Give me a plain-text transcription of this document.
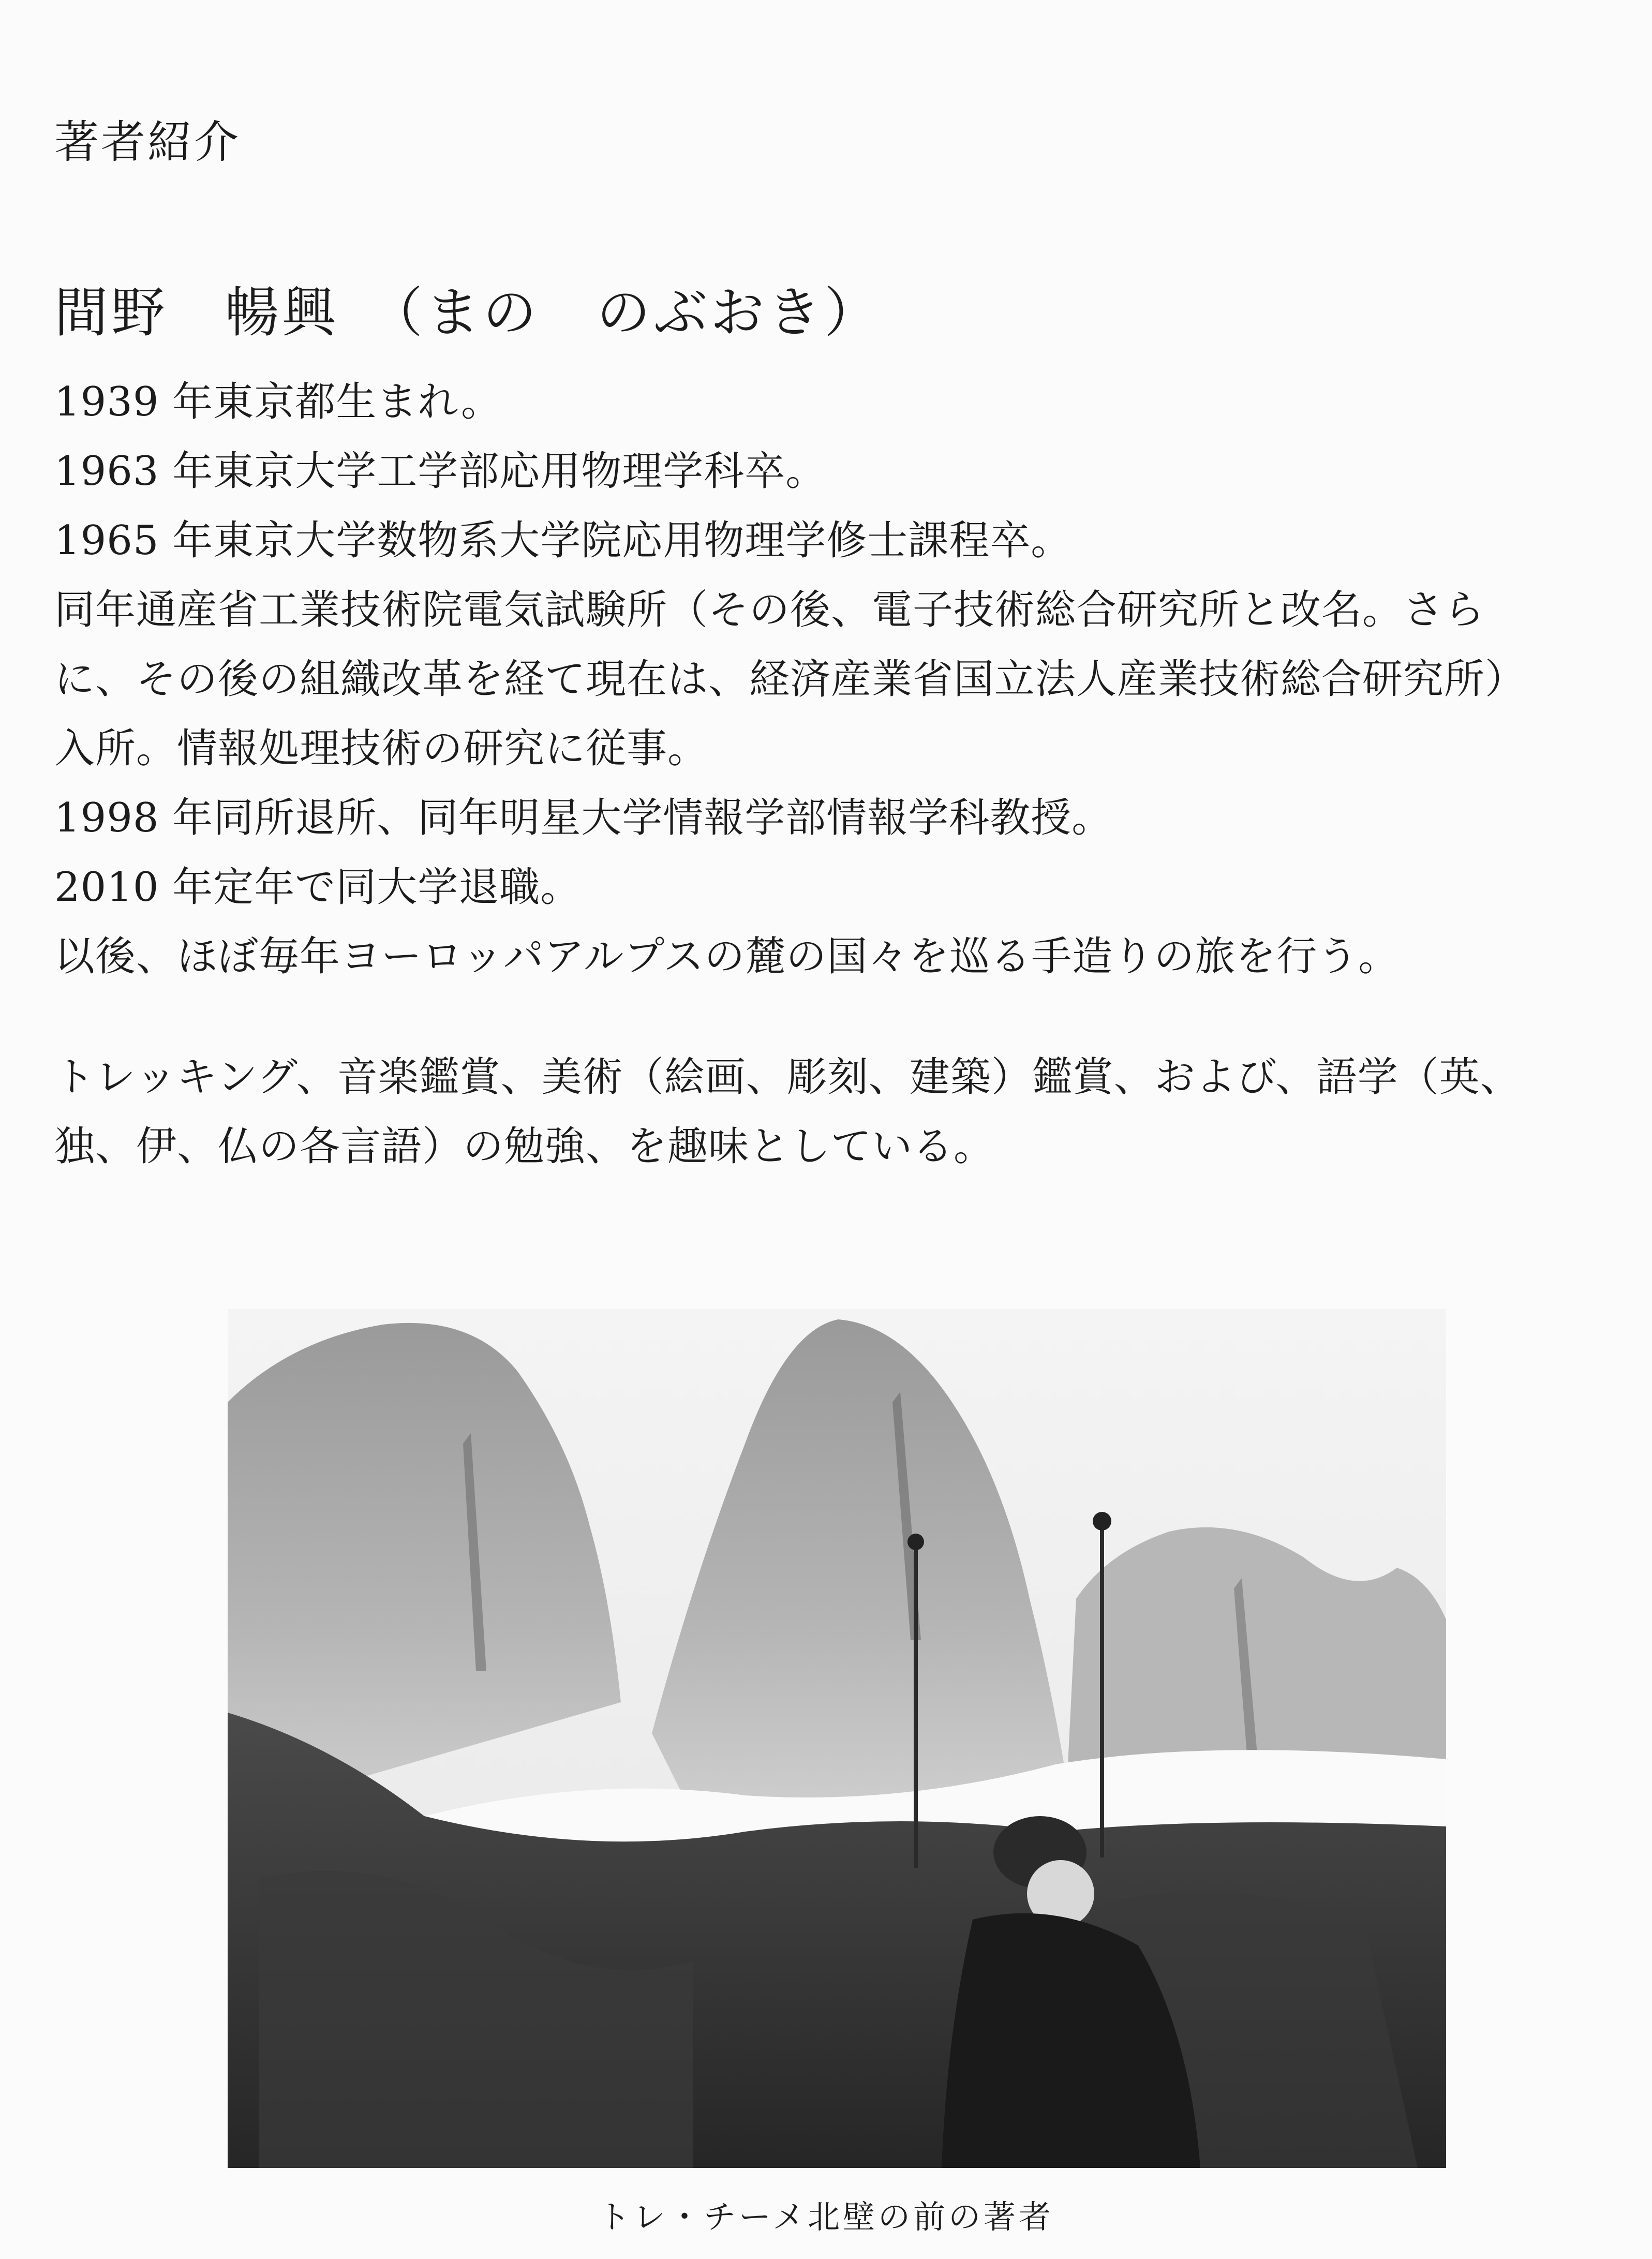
著者紹介
間野　暢興　（まの　のぶおき）
1939 年東京都生まれ。
1963 年東京大学工学部応用物理学科卒。
1965 年東京大学数物系大学院応用物理学修士課程卒。
同年通産省工業技術院電気試験所（その後、電子技術総合研究所と改名。さら
に、その後の組織改革を経て現在は、経済産業省国立法人産業技術総合研究所）
入所。情報処理技術の研究に従事。
1998 年同所退所、同年明星大学情報学部情報学科教授。
2010 年定年で同大学退職。
以後、ほぼ毎年ヨーロッパアルプスの麓の国々を巡る手造りの旅を行う。
トレッキング、音楽鑑賞、美術（絵画、彫刻、建築）鑑賞、および、語学（英、
独、伊、仏の各言語）の勉強、を趣味としている。
トレ・チーメ北壁の前の著者
